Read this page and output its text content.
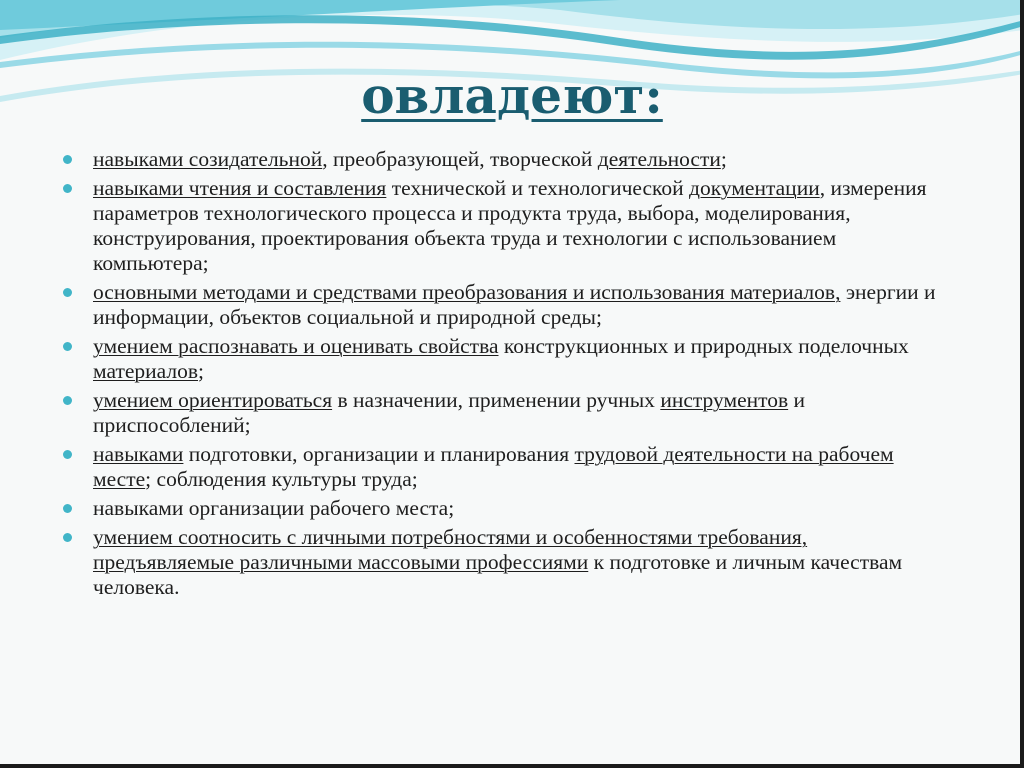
овладеют:
навыками созидательной, преобразующей, творческой деятельности;
навыками чтения и составления технической и технологической документации, измерения параметров технологического процесса и продукта труда, выбора, моделирования, конструирования, проектирования объекта труда и технологии с использованием компьютера;
основными методами и средствами преобразования и использования материалов, энергии и информации, объектов социальной и природной среды;
умением распознавать и оценивать свойства конструкционных и природных поделочных материалов;
умением ориентироваться в назначении, применении ручных инструментов и приспособлений;
навыками подготовки, организации и планирования трудовой деятельности на рабочем месте; соблюдения культуры труда;
навыками организации рабочего места;
умением соотносить с личными потребностями и особенностями требования, предъявляемые различными массовыми профессиями к подготовке и личным качествам человека.
